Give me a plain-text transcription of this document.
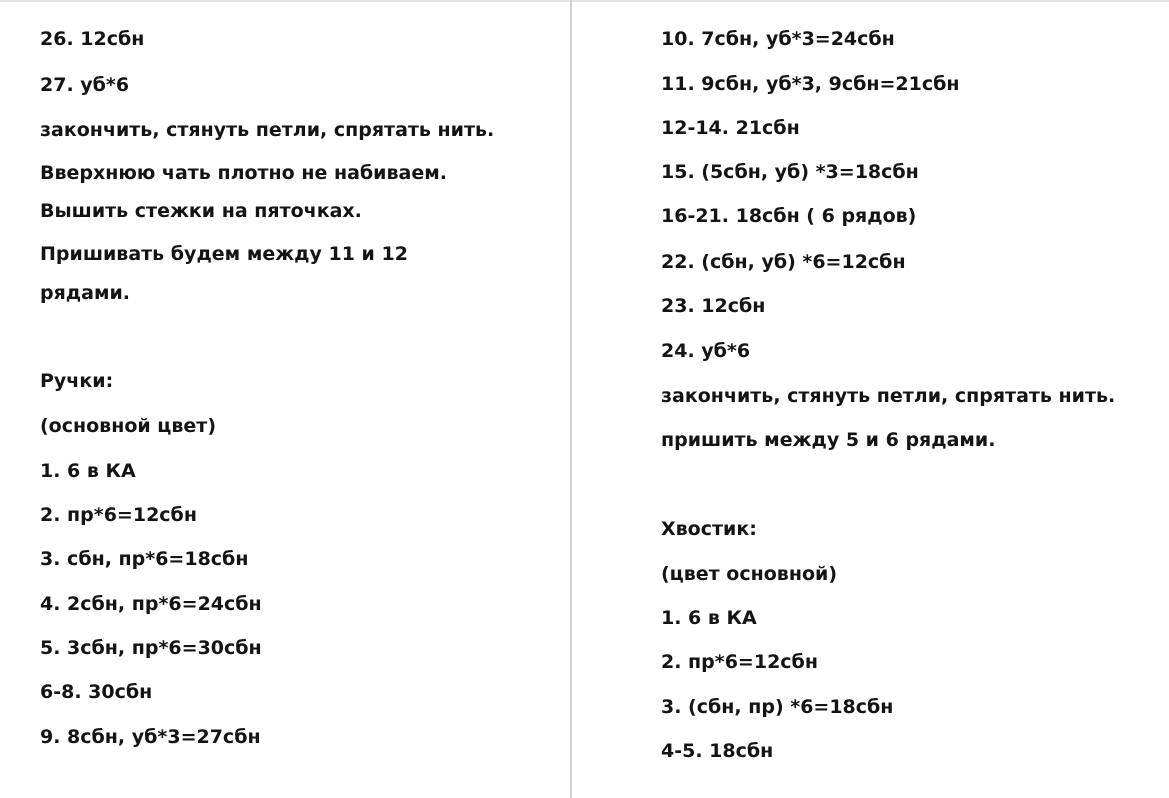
26. 12сбн
27. уб*6
закончить, стянуть петли, спрятать нить.
Вверхнюю чать плотно не набиваем.
Вышить стежки на пяточках.
Пришивать будем между 11 и 12
рядами.
Ручки:
(основной цвет)
1. 6 в КА
2. пр*6=12сбн
3. сбн, пр*6=18сбн
4. 2сбн, пр*6=24сбн
5. 3сбн, пр*6=30сбн
6-8. 30сбн
9. 8сбн, уб*3=27сбн
10. 7сбн, уб*3=24сбн
11. 9сбн, уб*3, 9сбн=21сбн
12-14. 21сбн
15. (5сбн, уб) *3=18сбн
16-21. 18сбн ( 6 рядов)
22. (сбн, уб) *6=12сбн
23. 12сбн
24. уб*6
закончить, стянуть петли, спрятать нить.
пришить между 5 и 6 рядами.
Хвостик:
(цвет основной)
1. 6 в КА
2. пр*6=12сбн
3. (сбн, пр) *6=18сбн
4-5. 18сбн
